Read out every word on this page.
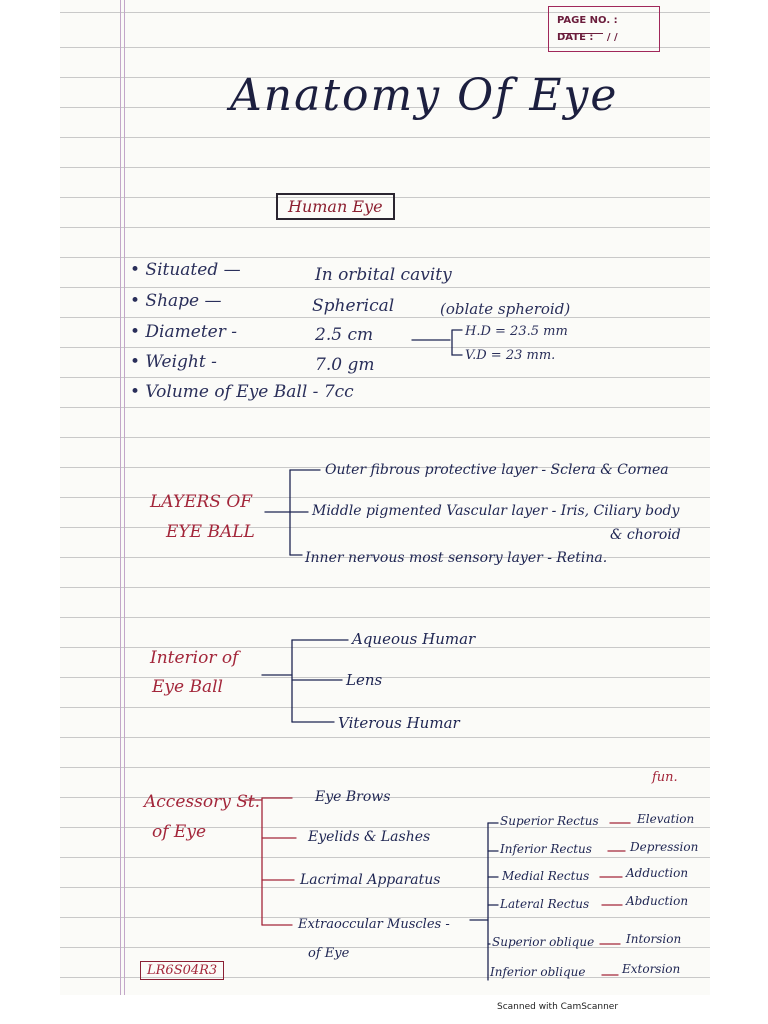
PAGE NO. :
DATE : / /
Anatomy Of Eye
Human Eye
• Situated —	In orbital cavity
• Shape —	Spherical	(oblate spheroid)
• Diameter -	2.5 cm	H.D = 23.5 mm
V.D = 23 mm.
• Weight -	7.0 gm
• Volume of Eye Ball - 7cc
LAYERS OF
EYE BALL
Outer fibrous protective layer - Sclera & Cornea
Middle pigmented Vascular layer - Iris, Ciliary body
& choroid
Inner nervous most sensory layer - Retina.
Interior of
Eye Ball
Aqueous Humar
Lens
Viterous Humar
Accessory St.
of Eye
fun.
Eye Brows
Eyelids & Lashes
Lacrimal Apparatus
Extraoccular Muscles -
of Eye
Superior Rectus	Elevation
Inferior Rectus	Depression
Medial Rectus	Adduction
Lateral Rectus	Abduction
Superior oblique	Intorsion
Inferior oblique	Extorsion
LR6S04R3
Scanned with CamScanner
